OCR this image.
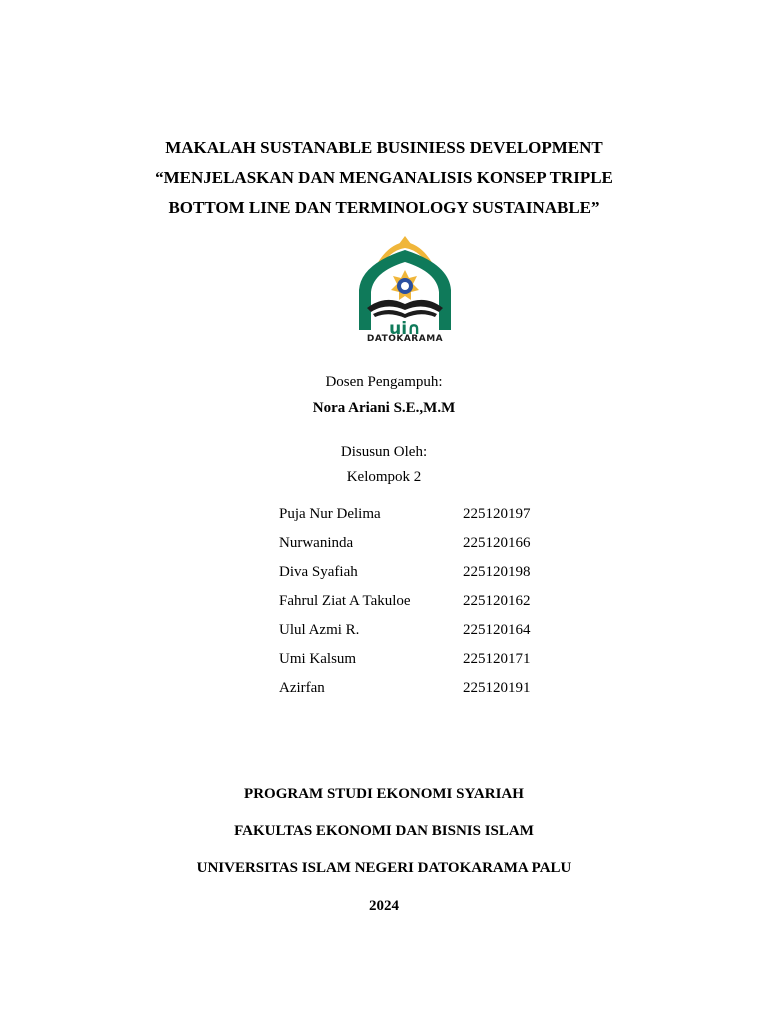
MAKALAH SUSTANABLE BUSINIESS DEVELOPMENT
“MENJELASKAN DAN MENGANALISIS KONSEP TRIPLE
BOTTOM LINE DAN TERMINOLOGY SUSTAINABLE”
ui∩
DATOKARAMA
Dosen Pengampuh:
Nora Ariani S.E.,M.M
Disusun Oleh:
Kelompok 2
Puja Nur Delima	225120197
Nurwaninda	225120166
Diva Syafiah	225120198
Fahrul Ziat A Takuloe	225120162
Ulul Azmi R.	225120164
Umi Kalsum	225120171
Azirfan	225120191
PROGRAM STUDI EKONOMI SYARIAH
FAKULTAS EKONOMI DAN BISNIS ISLAM
UNIVERSITAS ISLAM NEGERI DATOKARAMA PALU
2024
